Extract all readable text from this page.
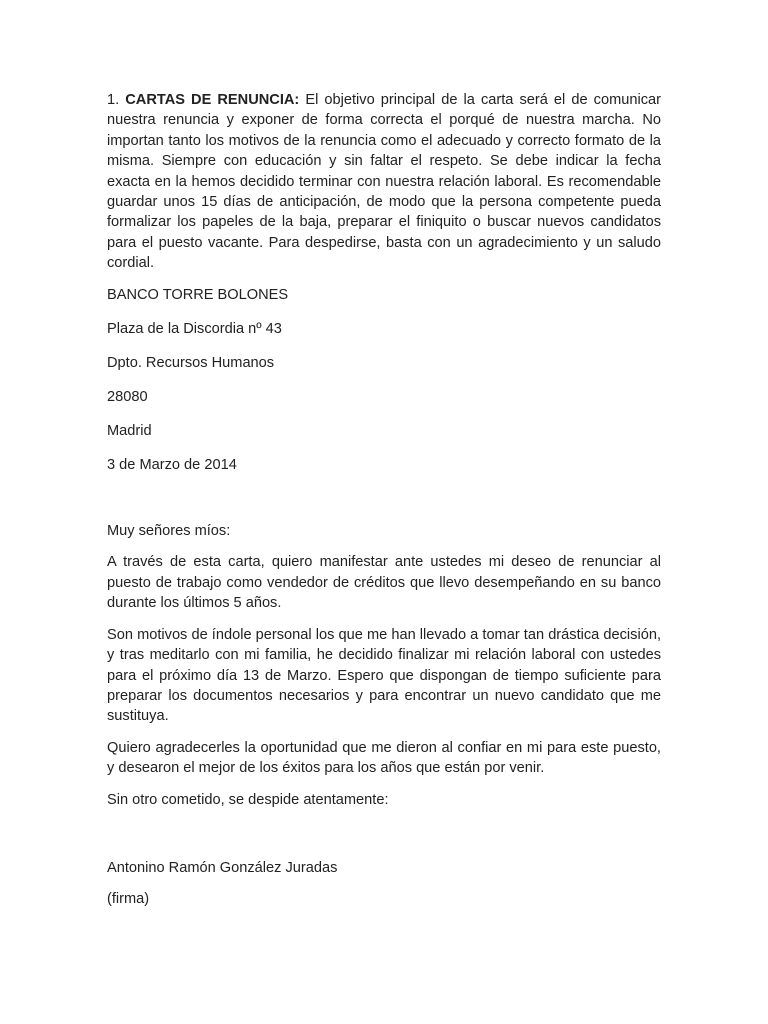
1. CARTAS DE RENUNCIA: El objetivo principal de la carta será el de comunicar nuestra renuncia y exponer de forma correcta el porqué de nuestra marcha. No importan tanto los motivos de la renuncia como el adecuado y correcto formato de la misma. Siempre con educación y sin faltar el respeto. Se debe indicar la fecha exacta en la hemos decidido terminar con nuestra relación laboral. Es recomendable guardar unos 15 días de anticipación, de modo que la persona competente pueda formalizar los papeles de la baja, preparar el finiquito o buscar nuevos candidatos para el puesto vacante. Para despedirse, basta con un agradecimiento y un saludo cordial.

BANCO TORRE BOLONES

Plaza de la Discordia nº 43

Dpto. Recursos Humanos

28080

Madrid

3 de Marzo de 2014

Muy señores míos:

A través de esta carta, quiero manifestar ante ustedes mi deseo de renunciar al puesto de trabajo como vendedor de créditos que llevo desempeñando en su banco durante los últimos 5 años.

Son motivos de índole personal los que me han llevado a tomar tan drástica decisión, y tras meditarlo con mi familia, he decidido finalizar mi relación laboral con ustedes para el próximo día 13 de Marzo. Espero que dispongan de tiempo suficiente para preparar los documentos necesarios y para encontrar un nuevo candidato que me sustituya.

Quiero agradecerles la oportunidad que me dieron al confiar en mi para este puesto, y desearon el mejor de los éxitos para los años que están por venir.

Sin otro cometido, se despide atentamente:

Antonino Ramón González Juradas

(firma)
